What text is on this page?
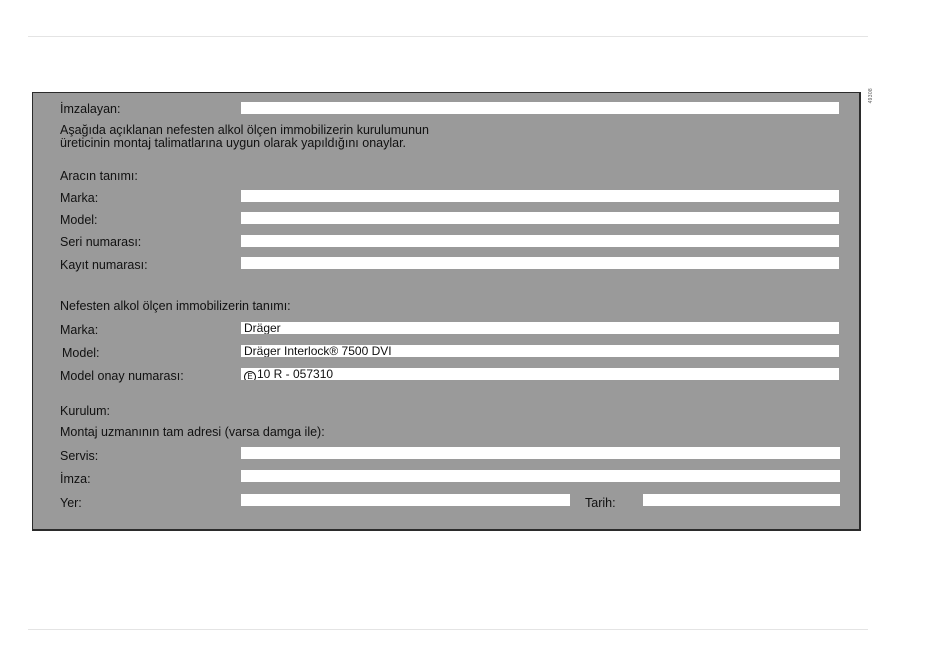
49308
İmzalayan:
Aşağıda açıklanan nefesten alkol ölçen immobilizerin kurulumunun
üreticinin montaj talimatlarına uygun olarak yapıldığını onaylar.
Aracın tanımı:
Marka:
Model:
Seri numarası:
Kayıt numarası:
Nefesten alkol ölçen immobilizerin tanımı:
Marka:	Dräger
Model:	Dräger Interlock® 7500 DVI
Model onay numarası:	E 10 R - 057310
Kurulum:
Montaj uzmanının tam adresi (varsa damga ile):
Servis:
İmza:
Yer:	Tarih:
